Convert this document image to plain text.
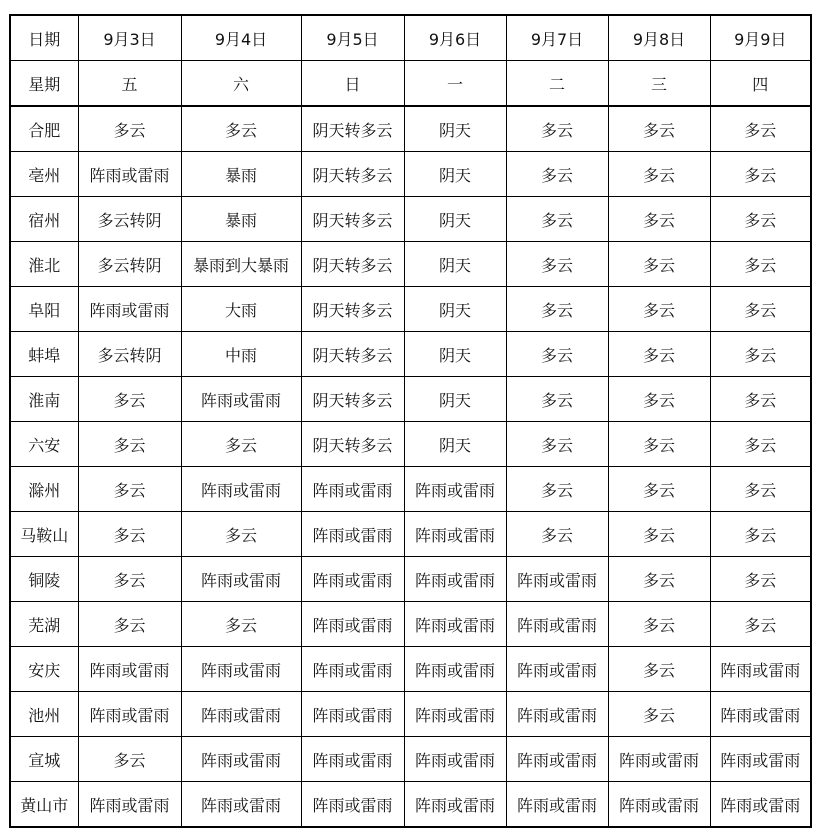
日期	9月3日	9月4日	9月5日	9月6日	9月7日	9月8日	9月9日
星期	五	六	日	一	二	三	四
合肥	多云	多云	阴天转多云	阴天	多云	多云	多云
亳州	阵雨或雷雨	暴雨	阴天转多云	阴天	多云	多云	多云
宿州	多云转阴	暴雨	阴天转多云	阴天	多云	多云	多云
淮北	多云转阴	暴雨到大暴雨	阴天转多云	阴天	多云	多云	多云
阜阳	阵雨或雷雨	大雨	阴天转多云	阴天	多云	多云	多云
蚌埠	多云转阴	中雨	阴天转多云	阴天	多云	多云	多云
淮南	多云	阵雨或雷雨	阴天转多云	阴天	多云	多云	多云
六安	多云	多云	阴天转多云	阴天	多云	多云	多云
滁州	多云	阵雨或雷雨	阵雨或雷雨	阵雨或雷雨	多云	多云	多云
马鞍山	多云	多云	阵雨或雷雨	阵雨或雷雨	多云	多云	多云
铜陵	多云	阵雨或雷雨	阵雨或雷雨	阵雨或雷雨	阵雨或雷雨	多云	多云
芜湖	多云	多云	阵雨或雷雨	阵雨或雷雨	阵雨或雷雨	多云	多云
安庆	阵雨或雷雨	阵雨或雷雨	阵雨或雷雨	阵雨或雷雨	阵雨或雷雨	多云	阵雨或雷雨
池州	阵雨或雷雨	阵雨或雷雨	阵雨或雷雨	阵雨或雷雨	阵雨或雷雨	多云	阵雨或雷雨
宣城	多云	阵雨或雷雨	阵雨或雷雨	阵雨或雷雨	阵雨或雷雨	阵雨或雷雨	阵雨或雷雨
黄山市	阵雨或雷雨	阵雨或雷雨	阵雨或雷雨	阵雨或雷雨	阵雨或雷雨	阵雨或雷雨	阵雨或雷雨
